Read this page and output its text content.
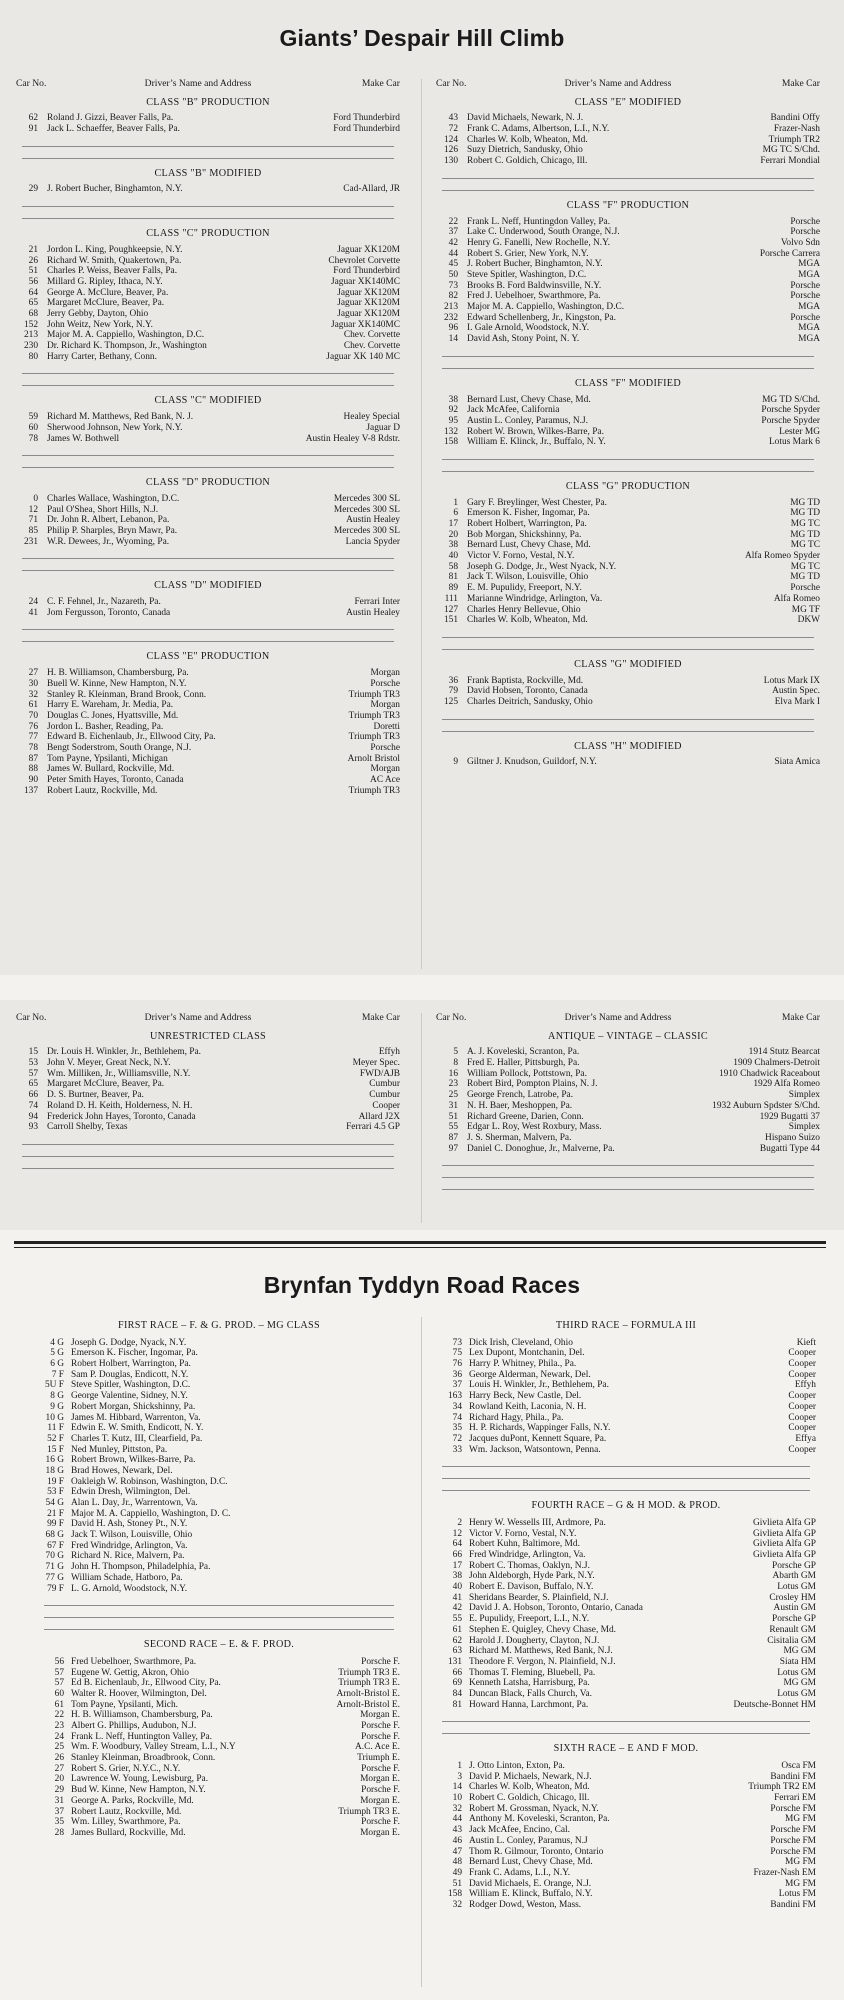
Giants’ Despair Hill Climb
Car No.	Driver’s Name and Address	Make Car
CLASS "B" PRODUCTION
62 Roland J. Gizzi, Beaver Falls, Pa.	Ford Thunderbird
91 Jack L. Schaeffer, Beaver Falls, Pa.	Ford Thunderbird
CLASS "B" MODIFIED
29 J. Robert Bucher, Binghamton, N.Y.	Cad-Allard, JR
CLASS "C" PRODUCTION
21 Jordon L. King, Poughkeepsie, N.Y.	Jaguar XK120M
26 Richard W. Smith, Quakertown, Pa.	Chevrolet Corvette
51 Charles P. Weiss, Beaver Falls, Pa.	Ford Thunderbird
56 Millard G. Ripley, Ithaca, N.Y.	Jaguar XK140MC
64 George A. McClure, Beaver, Pa.	Jaguar XK120M
65 Margaret McClure, Beaver, Pa.	Jaguar XK120M
68 Jerry Gebby, Dayton, Ohio	Jaguar XK120M
152 John Weitz, New York, N.Y.	Jaguar XK140MC
213 Major M. A. Cappiello, Washington, D.C.	Chev. Corvette
230 Dr. Richard K. Thompson, Jr., Washington	Chev. Corvette
80 Harry Carter, Bethany, Conn.	Jaguar XK 140 MC
CLASS "C" MODIFIED
59 Richard M. Matthews, Red Bank, N. J.	Healey Special
60 Sherwood Johnson, New York, N.Y.	Jaguar D
78 James W. Bothwell	Austin Healey V-8 Rdstr.
CLASS "D" PRODUCTION
0 Charles Wallace, Washington, D.C.	Mercedes 300 SL
12 Paul O'Shea, Short Hills, N.J.	Mercedes 300 SL
71 Dr. John R. Albert, Lebanon, Pa.	Austin Healey
85 Philip P. Sharples, Bryn Mawr, Pa.	Mercedes 300 SL
231 W.R. Dewees, Jr., Wyoming, Pa.	Lancia Spyder
CLASS "D" MODIFIED
24 C. F. Fehnel, Jr., Nazareth, Pa.	Ferrari Inter
41 Jom Fergusson, Toronto, Canada	Austin Healey
CLASS "E" PRODUCTION
27 H. B. Williamson, Chambersburg, Pa.	Morgan
30 Buell W. Kinne, New Hampton, N.Y.	Porsche
32 Stanley R. Kleinman, Brand Brook, Conn.	Triumph TR3
61 Harry E. Wareham, Jr. Media, Pa.	Morgan
70 Douglas C. Jones, Hyattsville, Md.	Triumph TR3
76 Jordon L. Basher, Reading, Pa.	Doretti
77 Edward B. Eichenlaub, Jr., Ellwood City, Pa.	Triumph TR3
78 Bengt Soderstrom, South Orange, N.J.	Porsche
87 Tom Payne, Ypsilanti, Michigan	Arnolt Bristol
88 James W. Bullard, Rockville, Md.	Morgan
90 Peter Smith Hayes, Toronto, Canada	AC Ace
137 Robert Lautz, Rockville, Md.	Triumph TR3
Car No.	Driver’s Name and Address	Make Car
CLASS "E" MODIFIED
43 David Michaels, Newark, N. J.	Bandini Offy
72 Frank C. Adams, Albertson, L.I., N.Y.	Frazer-Nash
124 Charles W. Kolb, Wheaton, Md.	Triumph TR2
126 Suzy Dietrich, Sandusky, Ohio	MG TC S/Chd.
130 Robert C. Goldich, Chicago, Ill.	Ferrari Mondial
CLASS "F" PRODUCTION
22 Frank L. Neff, Huntingdon Valley, Pa.	Porsche
37 Lake C. Underwood, South Orange, N.J.	Porsche
42 Henry G. Fanelli, New Rochelle, N.Y.	Volvo Sdn
44 Robert S. Grier, New York, N.Y.	Porsche Carrera
45 J. Robert Bucher, Binghamton, N.Y.	MGA
50 Steve Spitler, Washington, D.C.	MGA
73 Brooks B. Ford Baldwinsville, N.Y.	Porsche
82 Fred J. Uebelhoer, Swarthmore, Pa.	Porsche
213 Major M. A. Cappiello, Washington, D.C.	MGA
232 Edward Schellenberg, Jr., Kingston, Pa.	Porsche
96 I. Gale Arnold, Woodstock, N.Y.	MGA
14 David Ash, Stony Point, N. Y.	MGA
CLASS "F" MODIFIED
38 Bernard Lust, Chevy Chase, Md.	MG TD S/Chd.
92 Jack McAfee, California	Porsche Spyder
95 Austin L. Conley, Paramus, N.J.	Porsche Spyder
132 Robert W. Brown, Wilkes-Barre, Pa.	Lester MG
158 William E. Klinck, Jr., Buffalo, N. Y.	Lotus Mark 6
CLASS "G" PRODUCTION
1 Gary F. Breylinger, West Chester, Pa.	MG TD
6 Emerson K. Fisher, Ingomar, Pa.	MG TD
17 Robert Holbert, Warrington, Pa.	MG TC
20 Bob Morgan, Shickshinny, Pa.	MG TD
38 Bernard Lust, Chevy Chase, Md.	MG TC
40 Victor V. Forno, Vestal, N.Y.	Alfa Romeo Spyder
58 Joseph G. Dodge, Jr., West Nyack, N.Y.	MG TC
81 Jack T. Wilson, Louisville, Ohio	MG TD
89 E. M. Pupulidy, Freeport, N.Y.	Porsche
111 Marianne Windridge, Arlington, Va.	Alfa Romeo
127 Charles Henry Bellevue, Ohio	MG TF
151 Charles W. Kolb, Wheaton, Md.	DKW
CLASS "G" MODIFIED
36 Frank Baptista, Rockville, Md.	Lotus Mark IX
79 David Hobsen, Toronto, Canada	Austin Spec.
125 Charles Deitrich, Sandusky, Ohio	Elva Mark I
CLASS "H" MODIFIED
9 Giltner J. Knudson, Guildorf, N.Y.	Siata Amica
Car No.	Driver’s Name and Address	Make Car
UNRESTRICTED CLASS
15 Dr. Louis H. Winkler, Jr., Bethlehem, Pa.	Effyh
53 John V. Meyer, Great Neck, N.Y.	Meyer Spec.
57 Wm. Milliken, Jr., Williamsville, N.Y.	FWD/AJB
65 Margaret McClure, Beaver, Pa.	Cumbur
66 D. S. Burtner, Beaver, Pa.	Cumbur
74 Roland D. H. Keith, Holderness, N. H.	Cooper
94 Frederick John Hayes, Toronto, Canada	Allard J2X
93 Carroll Shelby, Texas	Ferrari 4.5 GP
Car No.	Driver’s Name and Address	Make Car
ANTIQUE – VINTAGE – CLASSIC
5 A. J. Koveleski, Scranton, Pa.	1914 Stutz Bearcat
8 Fred E. Haller, Pittsburgh, Pa.	1909 Chalmers-Detroit
16 William Pollock, Pottstown, Pa.	1910 Chadwick Raceabout
23 Robert Bird, Pompton Plains, N. J.	1929 Alfa Romeo
25 George French, Latrobe, Pa.	Simplex
31 N. H. Baer, Meshoppen, Pa.	1932 Auburn Spdster S/Chd.
51 Richard Greene, Darien, Conn.	1929 Bugatti 37
55 Edgar L. Roy, West Roxbury, Mass.	Simplex
87 J. S. Sherman, Malvern, Pa.	Hispano Suizo
97 Daniel C. Donoghue, Jr., Malverne, Pa.	Bugatti Type 44
Brynfan Tyddyn Road Races
FIRST RACE – F. & G. PROD. – MG CLASS
4 G Joseph G. Dodge, Nyack, N.Y.
5 G Emerson K. Fischer, Ingomar, Pa.
6 G Robert Holbert, Warrington, Pa.
7 F Sam P. Douglas, Endicott, N.Y.
5U F Steve Spitler, Washington, D.C.
8 G George Valentine, Sidney, N.Y.
9 G Robert Morgan, Shickshinny, Pa.
10 G James M. Hibbard, Warrenton, Va.
11 F Edwin E. W. Smith, Endicott, N. Y.
52 F Charles T. Kutz, III, Clearfield, Pa.
15 F Ned Munley, Pittston, Pa.
16 G Robert Brown, Wilkes-Barre, Pa.
18 G Brad Howes, Newark, Del.
19 F Oakleigh W. Robinson, Washington, D.C.
53 F Edwin Dresh, Wilmington, Del.
54 G Alan L. Day, Jr., Warrentown, Va.
21 F Major M. A. Cappiello, Washington, D. C.
99 F David H. Ash, Stoney Pt., N.Y.
68 G Jack T. Wilson, Louisville, Ohio
67 F Fred Windridge, Arlington, Va.
70 G Richard N. Rice, Malvern, Pa.
71 G John H. Thompson, Philadelphia, Pa.
77 G William Schade, Hatboro, Pa.
79 F L. G. Arnold, Woodstock, N.Y.
SECOND RACE – E. & F. PROD.
56 Fred Uebelhoer, Swarthmore, Pa.	Porsche F.
57 Eugene W. Gettig, Akron, Ohio	Triumph TR3 E.
57 Ed B. Eichenlaub, Jr., Ellwood City, Pa.	Triumph TR3 E.
60 Walter R. Hoover, Wilmington, Del.	Arnolt-Bristol E.
61 Tom Payne, Ypsilanti, Mich.	Arnolt-Bristol E.
22 H. B. Williamson, Chambersburg, Pa.	Morgan E.
23 Albert G. Phillips, Audubon, N.J.	Porsche F.
24 Frank L. Neff, Huntington Valley, Pa.	Porsche F.
25 Wm. F. Woodbury, Valley Stream, L.I., N.Y	A.C. Ace E.
26 Stanley Kleinman, Broadbrook, Conn.	Triumph E.
27 Robert S. Grier, N.Y.C., N.Y.	Porsche F.
20 Lawrence W. Young, Lewisburg, Pa.	Morgan E.
29 Bud W. Kinne, New Hampton, N.Y.	Porsche F.
31 George A. Parks, Rockville, Md.	Morgan E.
37 Robert Lautz, Rockville, Md.	Triumph TR3 E.
35 Wm. Lilley, Swarthmore, Pa.	Porsche F.
28 James Bullard, Rockville, Md.	Morgan E.
THIRD RACE – FORMULA III
73 Dick Irish, Cleveland, Ohio	Kieft
75 Lex Dupont, Montchanin, Del.	Cooper
76 Harry P. Whitney, Phila., Pa.	Cooper
36 George Alderman, Newark, Del.	Cooper
37 Louis H. Winkler, Jr., Bethlehem, Pa.	Effyh
163 Harry Beck, New Castle, Del.	Cooper
34 Rowland Keith, Laconia, N. H.	Cooper
74 Richard Hagy, Phila., Pa.	Cooper
35 H. P. Richards, Wappinger Falls, N.Y.	Cooper
72 Jacques duPont, Kennett Square, Pa.	Effya
33 Wm. Jackson, Watsontown, Penna.	Cooper
FOURTH RACE – G & H MOD. & PROD.
2 Henry W. Wessells III, Ardmore, Pa.	Givlieta Alfa GP
12 Victor V. Forno, Vestal, N.Y.	Givlieta Alfa GP
64 Robert Kuhn, Baltimore, Md.	Givlieta Alfa GP
66 Fred Windridge, Arlington, Va.	Givlieta Alfa GP
17 Robert C. Thomas, Oaklyn, N.J.	Porsche GP
38 John Aldeborgh, Hyde Park, N.Y.	Abarth GM
40 Robert E. Davison, Buffalo, N.Y.	Lotus GM
41 Sheridans Bearder, S. Plainfield, N.J.	Crosley HM
42 David J. A. Hobson, Toronto, Ontario, Canada	Austin GM
55 E. Pupulidy, Freeport, L.I., N.Y.	Porsche GP
61 Stephen E. Quigley, Chevy Chase, Md.	Renault GM
62 Harold J. Dougherty, Clayton, N.J.	Cisitalia GM
63 Richard M. Matthews, Red Bank, N.J.	MG GM
131 Theodore F. Vergon, N. Plainfield, N.J.	Siata HM
66 Thomas T. Fleming, Bluebell, Pa.	Lotus GM
69 Kenneth Latsha, Harrisburg, Pa.	MG GM
84 Duncan Black, Falls Church, Va.	Lotus GM
81 Howard Hanna, Larchmont, Pa.	Deutsche-Bonnet HM
SIXTH RACE – E AND F MOD.
1 J. Otto Linton, Exton, Pa.	Osca FM
3 David P. Michaels, Newark, N.J.	Bandini FM
14 Charles W. Kolb, Wheaton, Md.	Triumph TR2 EM
10 Robert C. Goldich, Chicago, Ill.	Ferrari EM
32 Robert M. Grossman, Nyack, N.Y.	Porsche FM
44 Anthony M. Koveleski, Scranton, Pa.	MG FM
43 Jack McAfee, Encino, Cal.	Porsche FM
46 Austin L. Conley, Paramus, N.J	Porsche FM
47 Thom R. Gilmour, Toronto, Ontario	Porsche FM
48 Bernard Lust, Chevy Chase, Md.	MG FM
49 Frank C. Adams, L.I., N.Y.	Frazer-Nash EM
51 David Michaels, E. Orange, N.J.	MG FM
158 William E. Klinck, Buffalo, N.Y.	Lotus FM
32 Rodger Dowd, Weston, Mass.	Bandini FM
